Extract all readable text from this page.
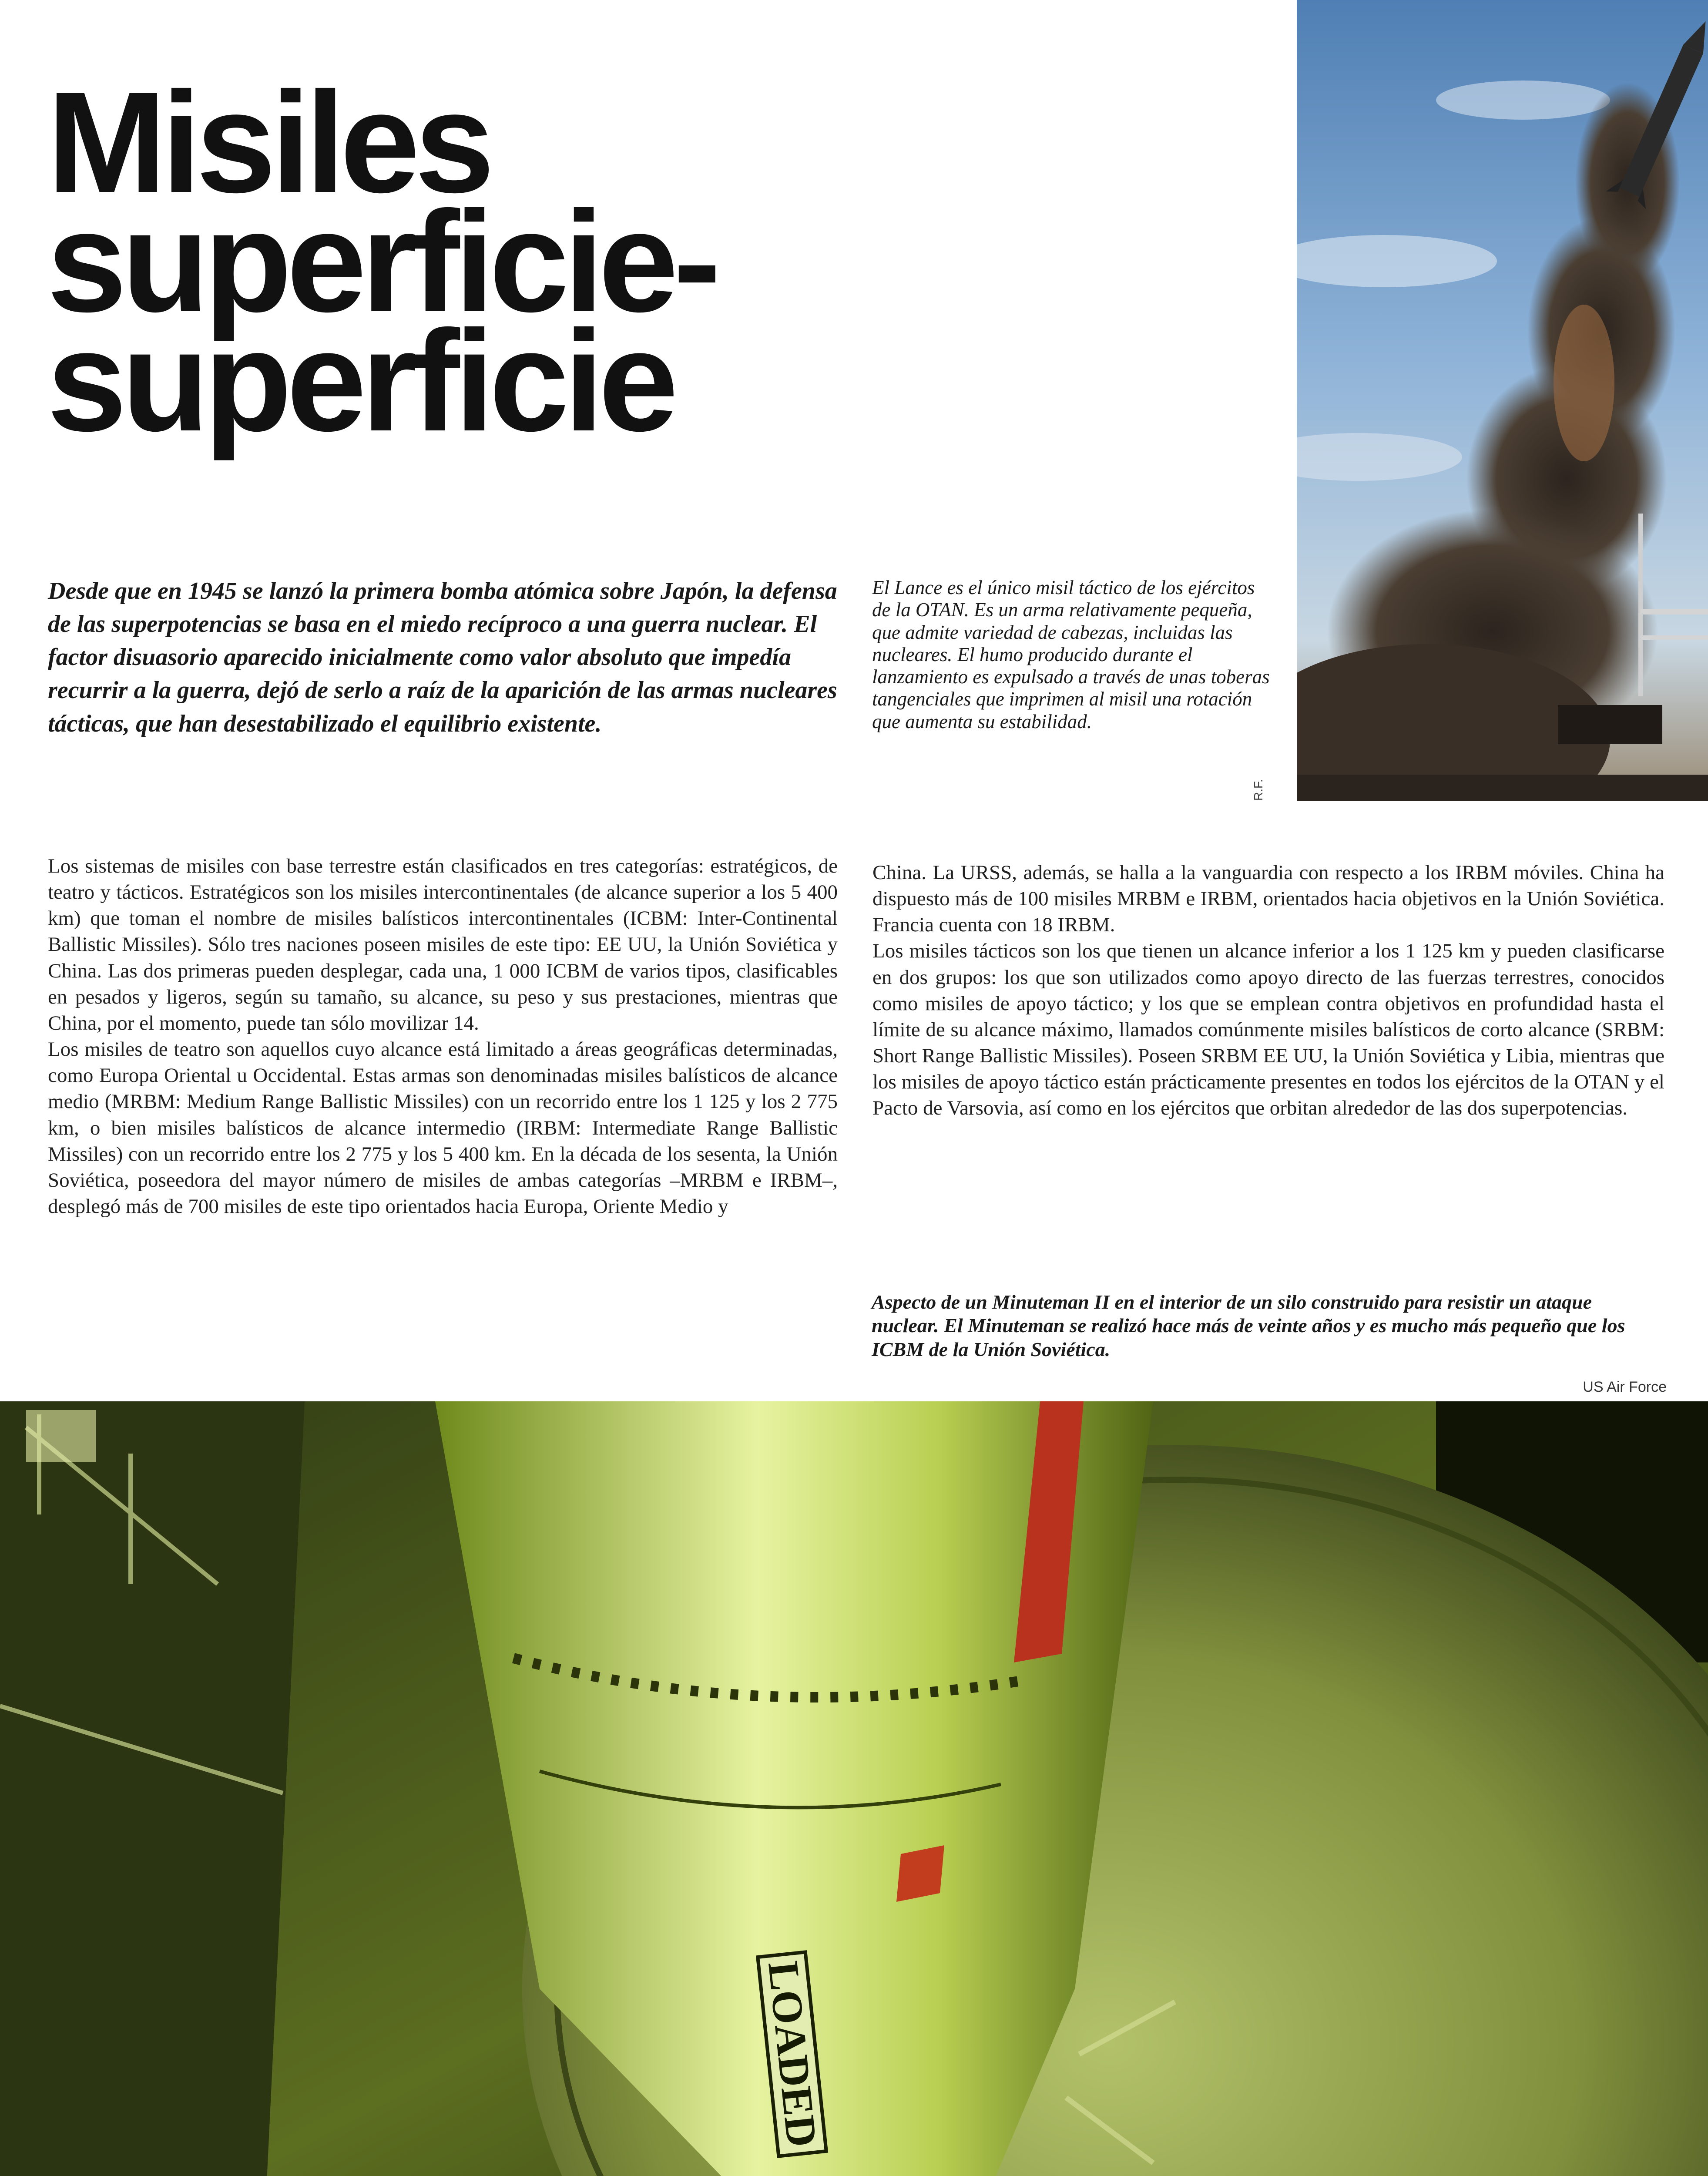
Misiles
superficie-
superficie

Desde que en 1945 se lanzó la primera bomba atómica sobre Japón, la defensa de las superpotencias se basa en el miedo recíproco a una guerra nuclear. El factor disuasorio aparecido inicialmente como valor absoluto que impedía recurrir a la guerra, dejó de serlo a raíz de la aparición de las armas nucleares tácticas, que han desestabilizado el equilibrio existente.

El Lance es el único misil táctico de los ejércitos de la OTAN. Es un arma relativamente pequeña, que admite variedad de cabezas, incluidas las nucleares. El humo producido durante el lanzamiento es expulsado a través de unas toberas tangenciales que imprimen al misil una rotación que aumenta su estabilidad.

R.F.

Los sistemas de misiles con base terrestre están clasificados en tres categorías: estratégicos, de teatro y tácticos. Estratégicos son los misiles intercontinentales (de alcance superior a los 5 400 km) que toman el nombre de misiles balísticos intercontinentales (ICBM: Inter-Continental Ballistic Missiles). Sólo tres naciones poseen misiles de este tipo: EE UU, la Unión Soviética y China. Las dos primeras pueden desplegar, cada una, 1 000 ICBM de varios tipos, clasificables en pesados y ligeros, según su tamaño, su alcance, su peso y sus prestaciones, mientras que China, por el momento, puede tan sólo movilizar 14.

Los misiles de teatro son aquellos cuyo alcance está limitado a áreas geográficas determinadas, como Europa Oriental u Occidental. Estas armas son denominadas misiles balísticos de alcance medio (MRBM: Medium Range Ballistic Missiles) con un recorrido entre los 1 125 y los 2 775 km, o bien misiles balísticos de alcance intermedio (IRBM: Intermediate Range Ballistic Missiles) con un recorrido entre los 2 775 y los 5 400 km. En la década de los sesenta, la Unión Soviética, poseedora del mayor número de misiles de ambas categorías –MRBM e IRBM–, desplegó más de 700 misiles de este tipo orientados hacia Europa, Oriente Medio y

China. La URSS, además, se halla a la vanguardia con respecto a los IRBM móviles. China ha dispuesto más de 100 misiles MRBM e IRBM, orientados hacia objetivos en la Unión Soviética. Francia cuenta con 18 IRBM.

Los misiles tácticos son los que tienen un alcance inferior a los 1 125 km y pueden clasificarse en dos grupos: los que son utilizados como apoyo directo de las fuerzas terrestres, conocidos como misiles de apoyo táctico; y los que se emplean contra objetivos en profundidad hasta el límite de su alcance máximo, llamados comúnmente misiles balísticos de corto alcance (SRBM: Short Range Ballistic Missiles). Poseen SRBM EE UU, la Unión Soviética y Libia, mientras que los misiles de apoyo táctico están prácticamente presentes en todos los ejércitos de la OTAN y el Pacto de Varsovia, así como en los ejércitos que orbitan alrededor de las dos superpotencias.

Aspecto de un Minuteman II en el interior de un silo construido para resistir un ataque nuclear. El Minuteman se realizó hace más de veinte años y es mucho más pequeño que los ICBM de la Unión Soviética.

US Air Force
LOADED
